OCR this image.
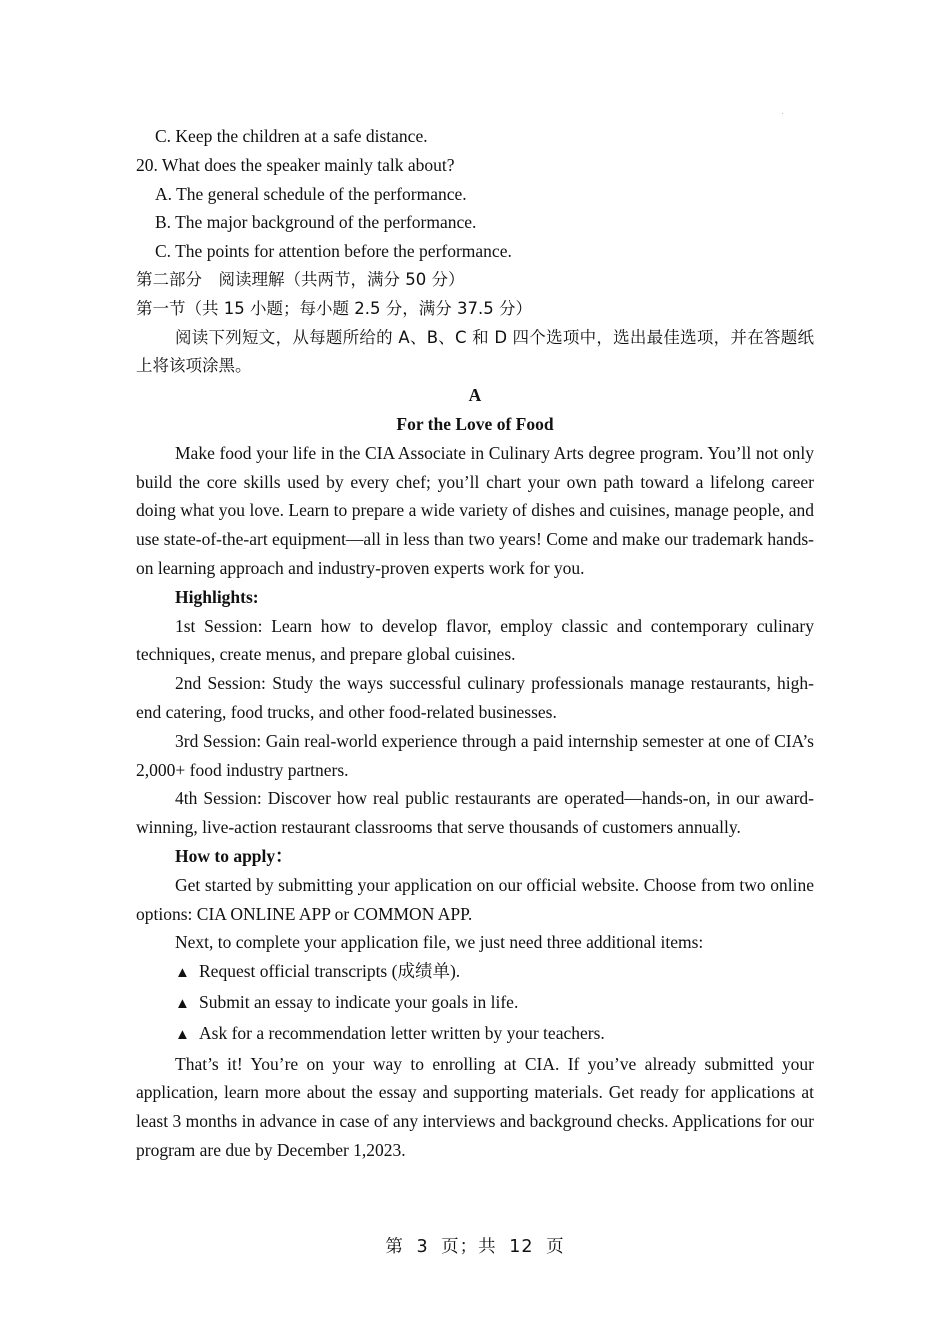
C. Keep the children at a safe distance.
20. What does the speaker mainly talk about?
A. The general schedule of the performance.
B. The major background of the performance.
C. The points for attention before the performance.
第二部分　阅读理解（共两节，满分 50 分）
第一节（共 15 小题；每小题 2.5 分，满分 37.5 分）

阅读下列短文，从每题所给的 A、B、C 和 D 四个选项中，选出最佳选项，并在答题纸上将该项涂黑。

A
For the Love of Food

Make food your life in the CIA Associate in Culinary Arts degree program. You’ll not only build the core skills used by every chef; you’ll chart your own path toward a lifelong career doing what you love. Learn to prepare a wide variety of dishes and cuisines, manage people, and use state-of-the-art equipment—all in less than two years! Come and make our trademark hands-on learning approach and industry-proven experts work for you.

Highlights:

1st Session: Learn how to develop flavor, employ classic and contemporary culinary techniques, create menus, and prepare global cuisines.

2nd Session: Study the ways successful culinary professionals manage restaurants, high-end catering, food trucks, and other food-related businesses.

3rd Session: Gain real-world experience through a paid internship semester at one of CIA’s 2,000+ food industry partners.

4th Session: Discover how real public restaurants are operated—hands-on, in our award-winning, live-action restaurant classrooms that serve thousands of customers annually.

How to apply：

Get started by submitting your application on our official website. Choose from two online options: CIA ONLINE APP or COMMON APP.

Next, to complete your application file, we just need three additional items:

▲ Request official transcripts (成绩单).
▲ Submit an essay to indicate your goals in life.
▲ Ask for a recommendation letter written by your teachers.

That’s it! You’re on your way to enrolling at CIA. If you’ve already submitted your application, learn more about the essay and supporting materials. Get ready for applications at least 3 months in advance in case of any interviews and background checks. Applications for our program are due by December 1,2023.

第 3 页；共 12 页
